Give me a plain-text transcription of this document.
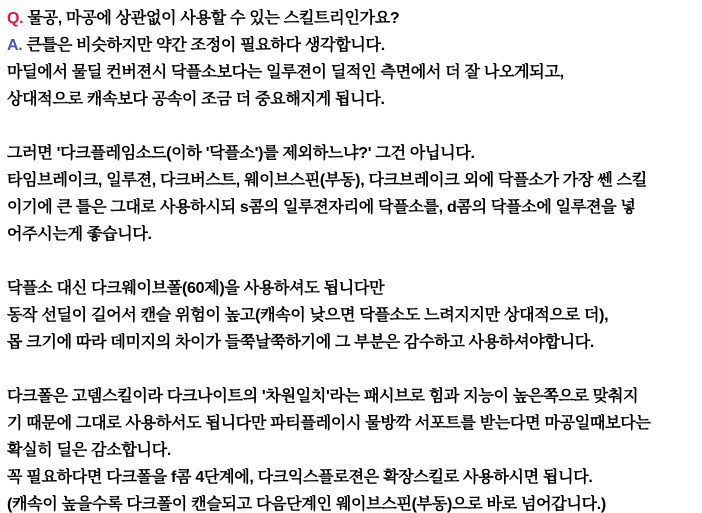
Q. 물공, 마공에 상관없이 사용할 수 있는 스킬트리인가요?
A. 큰틀은 비슷하지만 약간 조정이 필요하다 생각합니다.
마딜에서 물딜 컨버젼시 닥플소보다는 일루젼이 딜적인 측면에서 더 잘 나오게되고,
상대적으로 캐속보다 공속이 조금 더 중요해지게 됩니다.

그러면 '다크플레임소드(이하 '닥플소')를 제외하느냐?' 그건 아닙니다.
타임브레이크, 일루젼, 다크버스트, 웨이브스핀(부동), 다크브레이크 외에 닥플소가 가장 쎈 스킬
이기에 큰 틀은 그대로 사용하시되 s콤의 일루젼자리에 닥플소를, d콤의 닥플소에 일루젼을 넣
어주시는게 좋습니다.

닥플소 대신 다크웨이브폴(60제)을 사용하셔도 됩니다만
동작 선딜이 길어서 캔슬 위험이 높고(캐속이 낮으면 닥플소도 느려지지만 상대적으로 더),
몹 크기에 따라 데미지의 차이가 들쭉날쭉하기에 그 부분은 감수하고 사용하셔야합니다.

다크폴은 고뎀스킬이라 다크나이트의 '차원일치'라는 패시브로 힘과 지능이 높은쪽으로 맞춰지
기 때문에 그대로 사용하서도 됩니다만 파티플레이시 물방깍 서포트를 받는다면 마공일때보다는
확실히 딜은 감소합니다.
꼭 필요하다면 다크폴을 f콤 4단계에, 다크익스플로젼은 확장스킬로 사용하시면 됩니다.
(캐속이 높을수록 다크폴이 캔슬되고 다음단계인 웨이브스핀(부동)으로 바로 넘어갑니다.)
